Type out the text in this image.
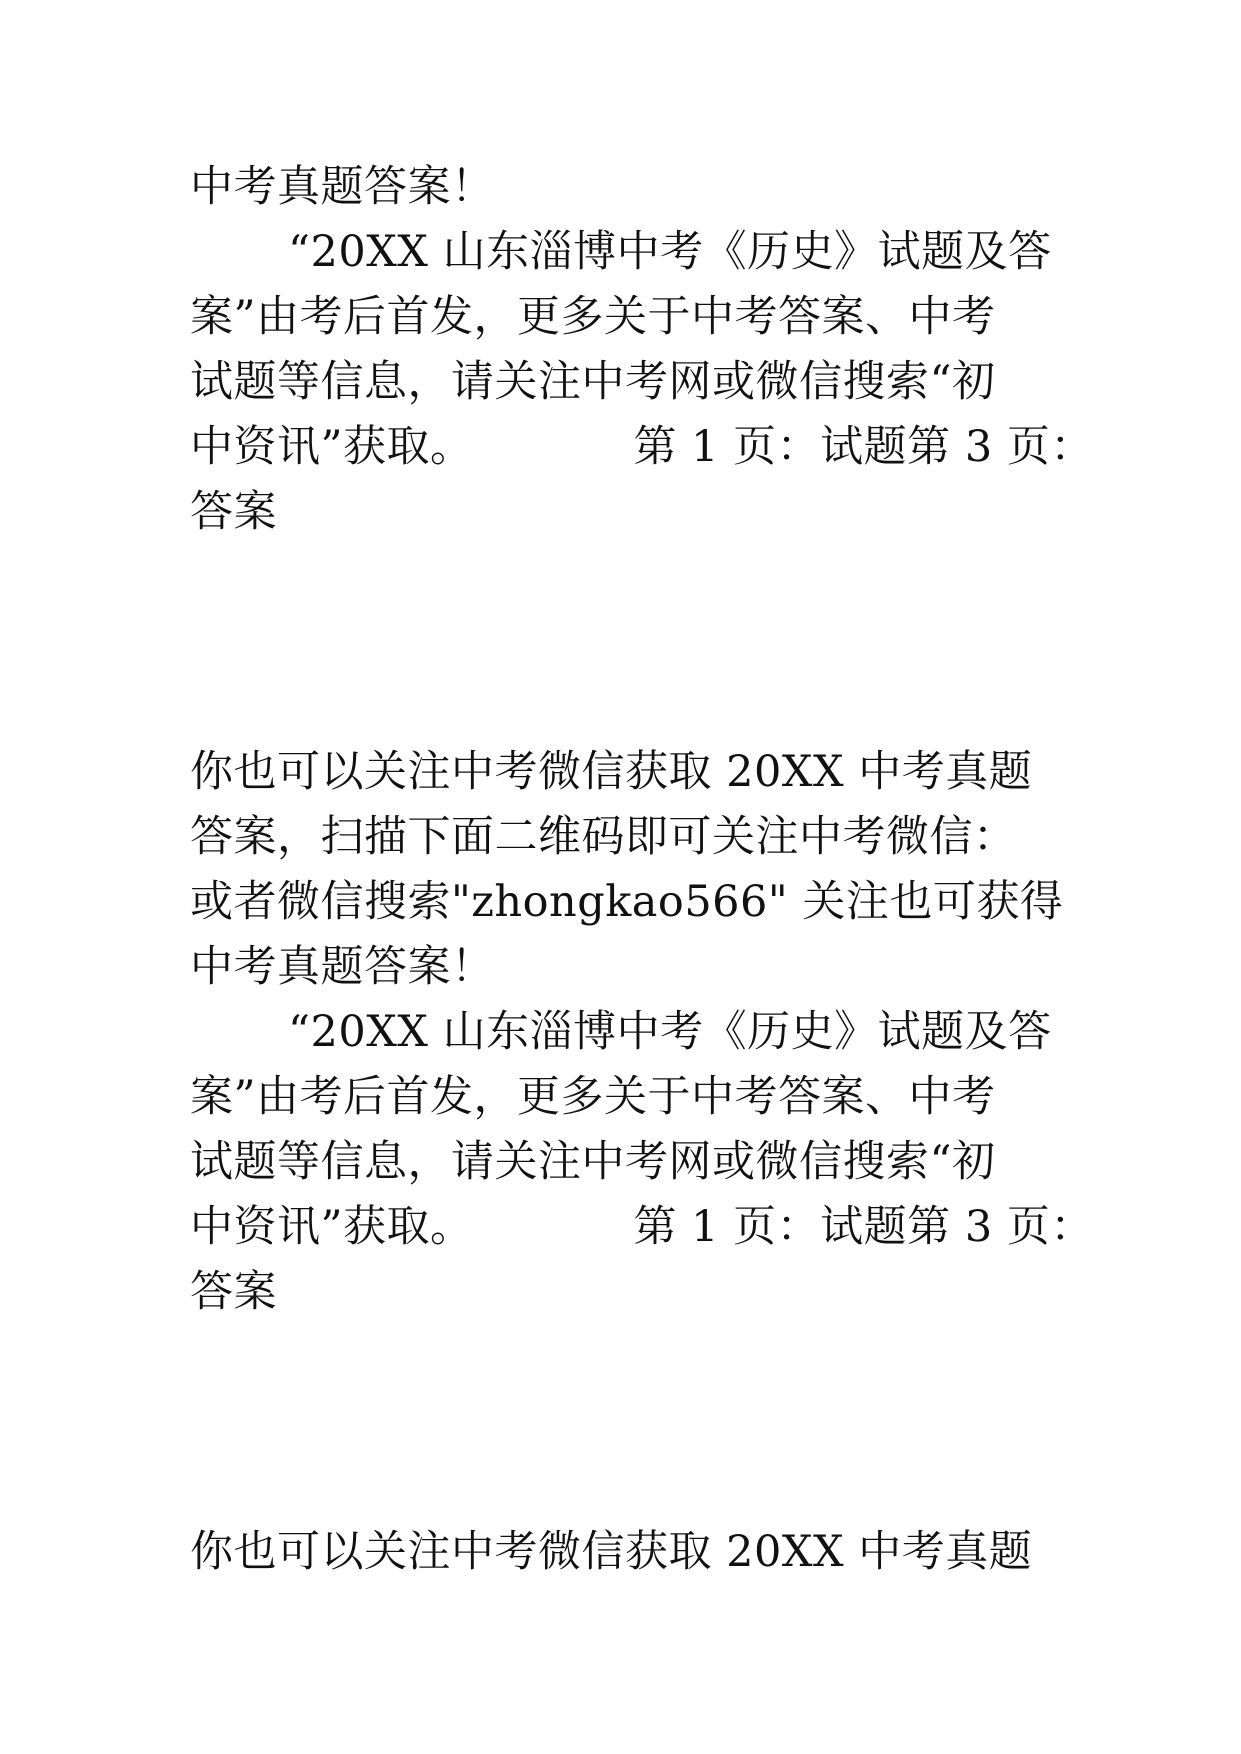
中考真题答案！
“20XX 山东淄博中考《历史》试题及答
案”由考后首发，更多关于中考答案、中考
试题等信息，请关注中考网或微信搜索“初
中资讯”获取。	第 1 页：试题第 3 页：
答案
你也可以关注中考微信获取 20XX 中考真题
答案，扫描下面二维码即可关注中考微信：
或者微信搜索"zhongkao566" 关注也可获得
中考真题答案！
“20XX 山东淄博中考《历史》试题及答
案”由考后首发，更多关于中考答案、中考
试题等信息，请关注中考网或微信搜索“初
中资讯”获取。	第 1 页：试题第 3 页：
答案
你也可以关注中考微信获取 20XX 中考真题
